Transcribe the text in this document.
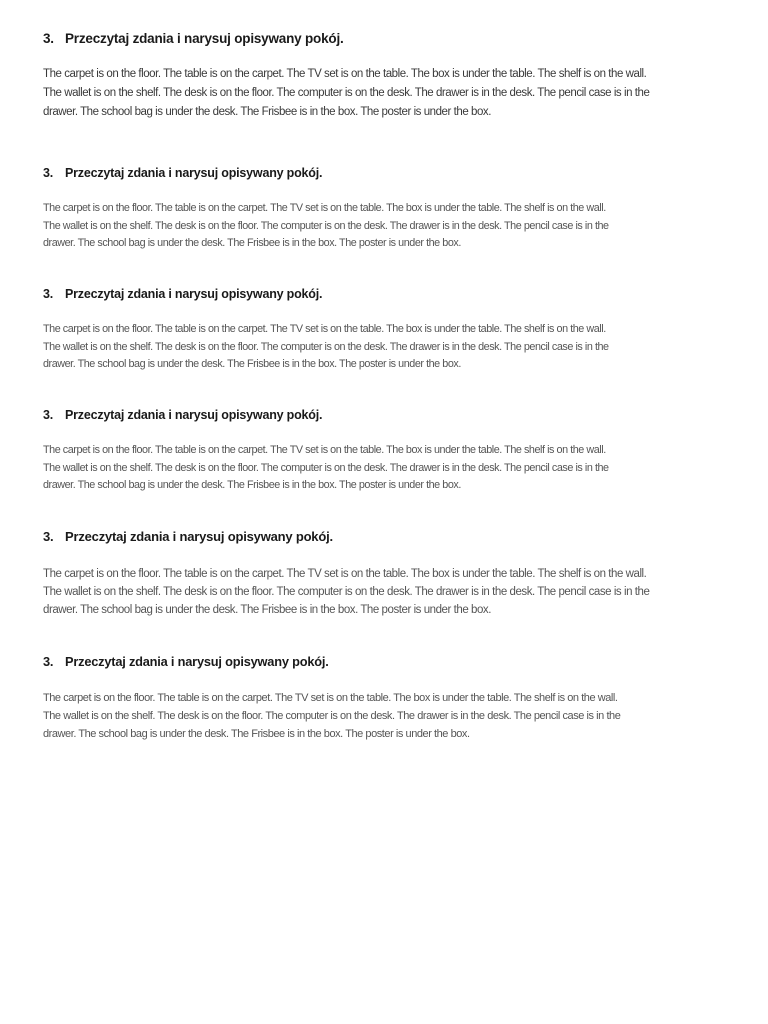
3. Przeczytaj zdania i narysuj opisywany pokój.

The carpet is on the floor. The table is on the carpet. The TV set is on the table. The box is under the table. The shelf is on the wall.
The wallet is on the shelf. The desk is on the floor. The computer is on the desk. The drawer is in the desk. The pencil case is in the
drawer. The school bag is under the desk. The Frisbee is in the box. The poster is under the box.

3. Przeczytaj zdania i narysuj opisywany pokój.

The carpet is on the floor. The table is on the carpet. The TV set is on the table. The box is under the table. The shelf is on the wall.
The wallet is on the shelf. The desk is on the floor. The computer is on the desk. The drawer is in the desk. The pencil case is in the
drawer. The school bag is under the desk. The Frisbee is in the box. The poster is under the box.

3. Przeczytaj zdania i narysuj opisywany pokój.

The carpet is on the floor. The table is on the carpet. The TV set is on the table. The box is under the table. The shelf is on the wall.
The wallet is on the shelf. The desk is on the floor. The computer is on the desk. The drawer is in the desk. The pencil case is in the
drawer. The school bag is under the desk. The Frisbee is in the box. The poster is under the box.

3. Przeczytaj zdania i narysuj opisywany pokój.

The carpet is on the floor. The table is on the carpet. The TV set is on the table. The box is under the table. The shelf is on the wall.
The wallet is on the shelf. The desk is on the floor. The computer is on the desk. The drawer is in the desk. The pencil case is in the
drawer. The school bag is under the desk. The Frisbee is in the box. The poster is under the box.

3. Przeczytaj zdania i narysuj opisywany pokój.

The carpet is on the floor. The table is on the carpet. The TV set is on the table. The box is under the table. The shelf is on the wall.
The wallet is on the shelf. The desk is on the floor. The computer is on the desk. The drawer is in the desk. The pencil case is in the
drawer. The school bag is under the desk. The Frisbee is in the box. The poster is under the box.

3. Przeczytaj zdania i narysuj opisywany pokój.

The carpet is on the floor. The table is on the carpet. The TV set is on the table. The box is under the table. The shelf is on the wall.
The wallet is on the shelf. The desk is on the floor. The computer is on the desk. The drawer is in the desk. The pencil case is in the
drawer. The school bag is under the desk. The Frisbee is in the box. The poster is under the box.
